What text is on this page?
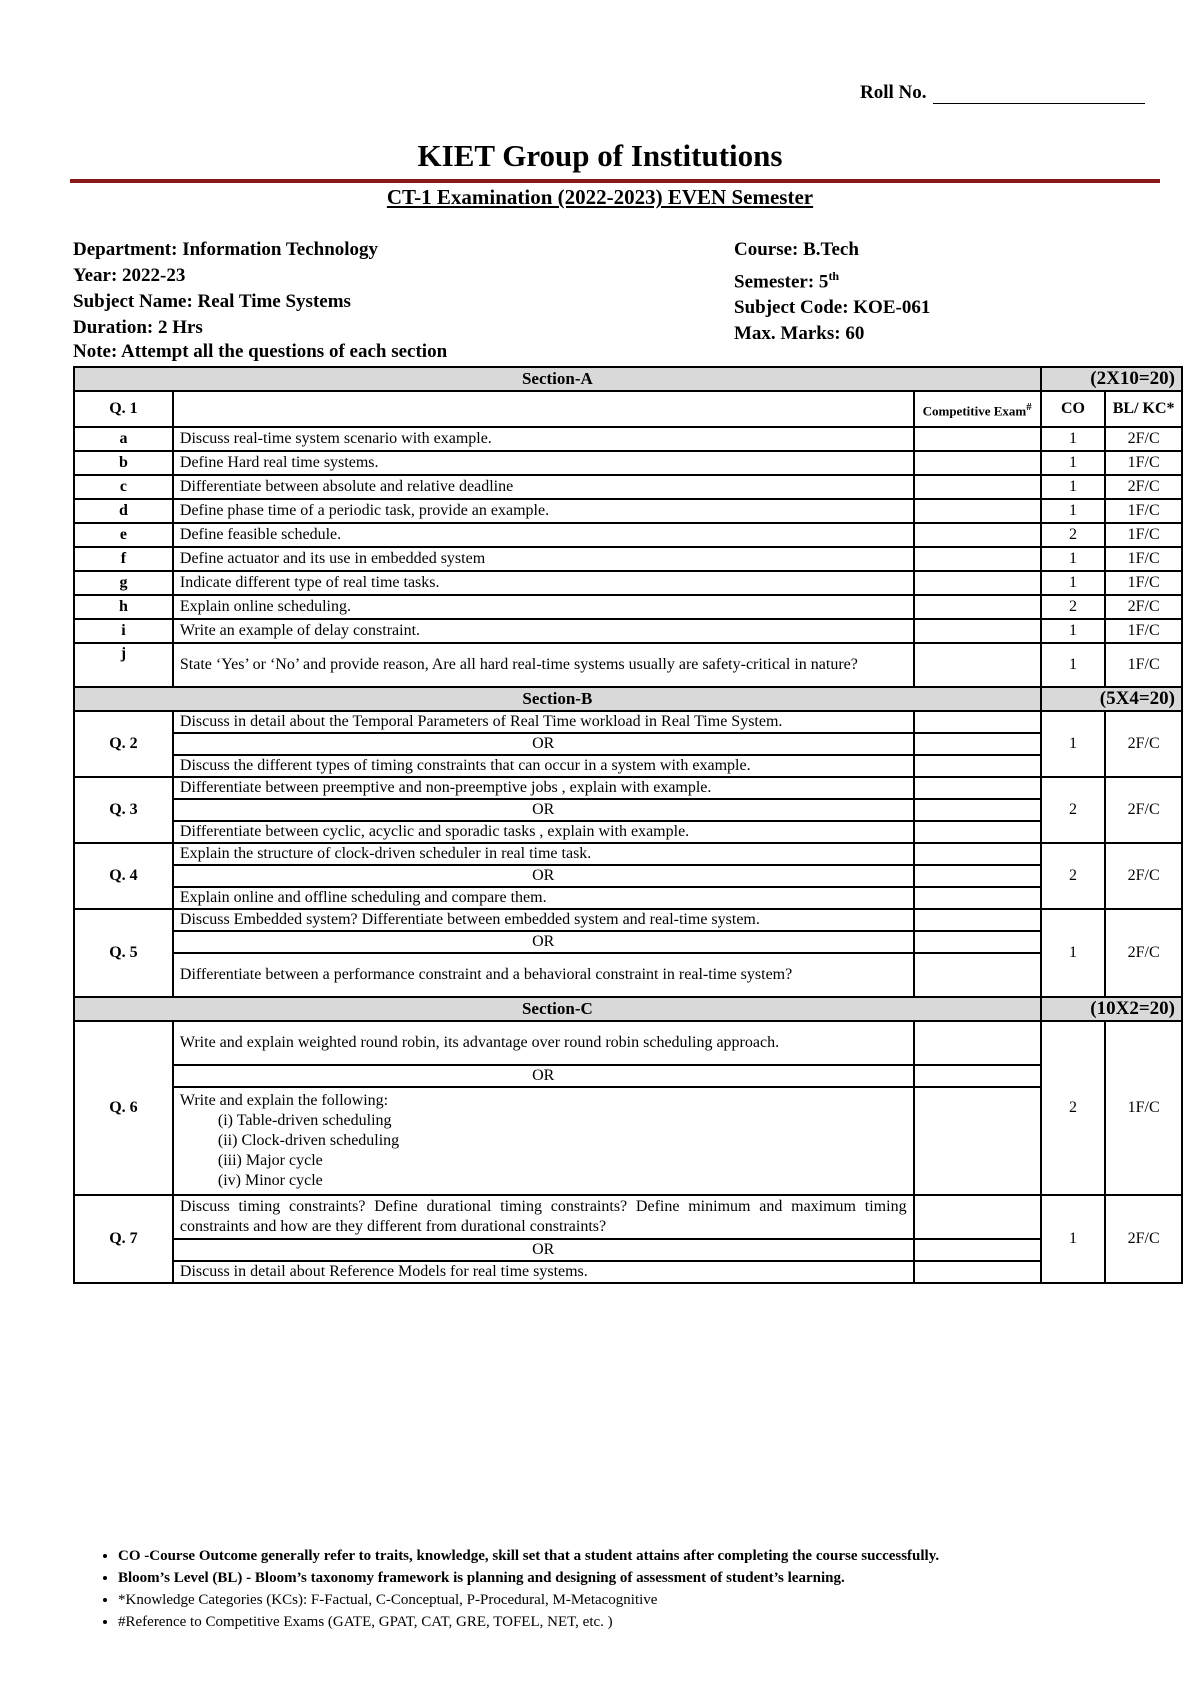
Roll No.
KIET Group of Institutions
CT-1 Examination (2022-2023) EVEN Semester
Department: Information Technology
Year: 2022-23
Subject Name: Real Time Systems
Duration: 2 Hrs
Course: B.Tech
Semester: 5th
Subject Code: KOE-061
Max. Marks: 60
Note: Attempt all the questions of each section
Section-A			(2X10=20)	
Q. 1		Competitive Exam#	CO	BL/ KC*
a	Discuss real-time system scenario with example.		1	2F/C
b	Define Hard real time systems.		1	1F/C
c	Differentiate between absolute and relative deadline		1	2F/C
d	Define phase time of a periodic task, provide an example.		1	1F/C
e	Define feasible schedule.		2	1F/C
f	Define actuator and its use in embedded system		1	1F/C
g	Indicate different type of real time tasks.		1	1F/C
h	Explain online scheduling.		2	2F/C
i	Write an example of delay constraint.		1	1F/C
j	State ‘Yes’ or ‘No’ and provide reason, Are all hard real-time systems usually are safety-critical in nature?		1	1F/C
Section-B			(5X4=20)	
Q. 2	Discuss in detail about the Temporal Parameters of Real Time workload in Real Time System.		1	2F/C
	OR			
	Discuss the different types of timing constraints that can occur in a system with example.			
Q. 3	Differentiate between preemptive and non-preemptive jobs , explain with example.		2	2F/C
	OR			
	Differentiate between cyclic, acyclic and sporadic tasks , explain with example.			
Q. 4	Explain the structure of clock-driven scheduler in real time task.		2	2F/C
	OR			
	Explain online and offline scheduling and compare them.			
Q. 5	Discuss Embedded system? Differentiate between embedded system and real-time system.		1	2F/C
	OR			
	Differentiate between a performance constraint and a behavioral constraint in real-time system?			
Section-C			(10X2=20)	
Q. 6	Write and explain weighted round robin, its advantage over round robin scheduling approach.		2	1F/C
	OR			

	Write and explain the following:
(i) Table-driven scheduling
(ii) Clock-driven scheduling
(iii) Major cycle
(iv) Minor cycle			

Q. 7	Discuss timing constraints? Define durational timing constraints? Define minimum and maximum timing constraints and how are they different from durational constraints?		1	2F/C
	OR			
	Discuss in detail about Reference Models for real time systems.			
• CO -Course Outcome generally refer to traits, knowledge, skill set that a student attains after completing the course successfully.
• Bloom’s Level (BL) - Bloom’s taxonomy framework is planning and designing of assessment of student’s learning.
• *Knowledge Categories (KCs): F-Factual, C-Conceptual, P-Procedural, M-Metacognitive
• #Reference to Competitive Exams (GATE, GPAT, CAT, GRE, TOFEL, NET, etc. )
